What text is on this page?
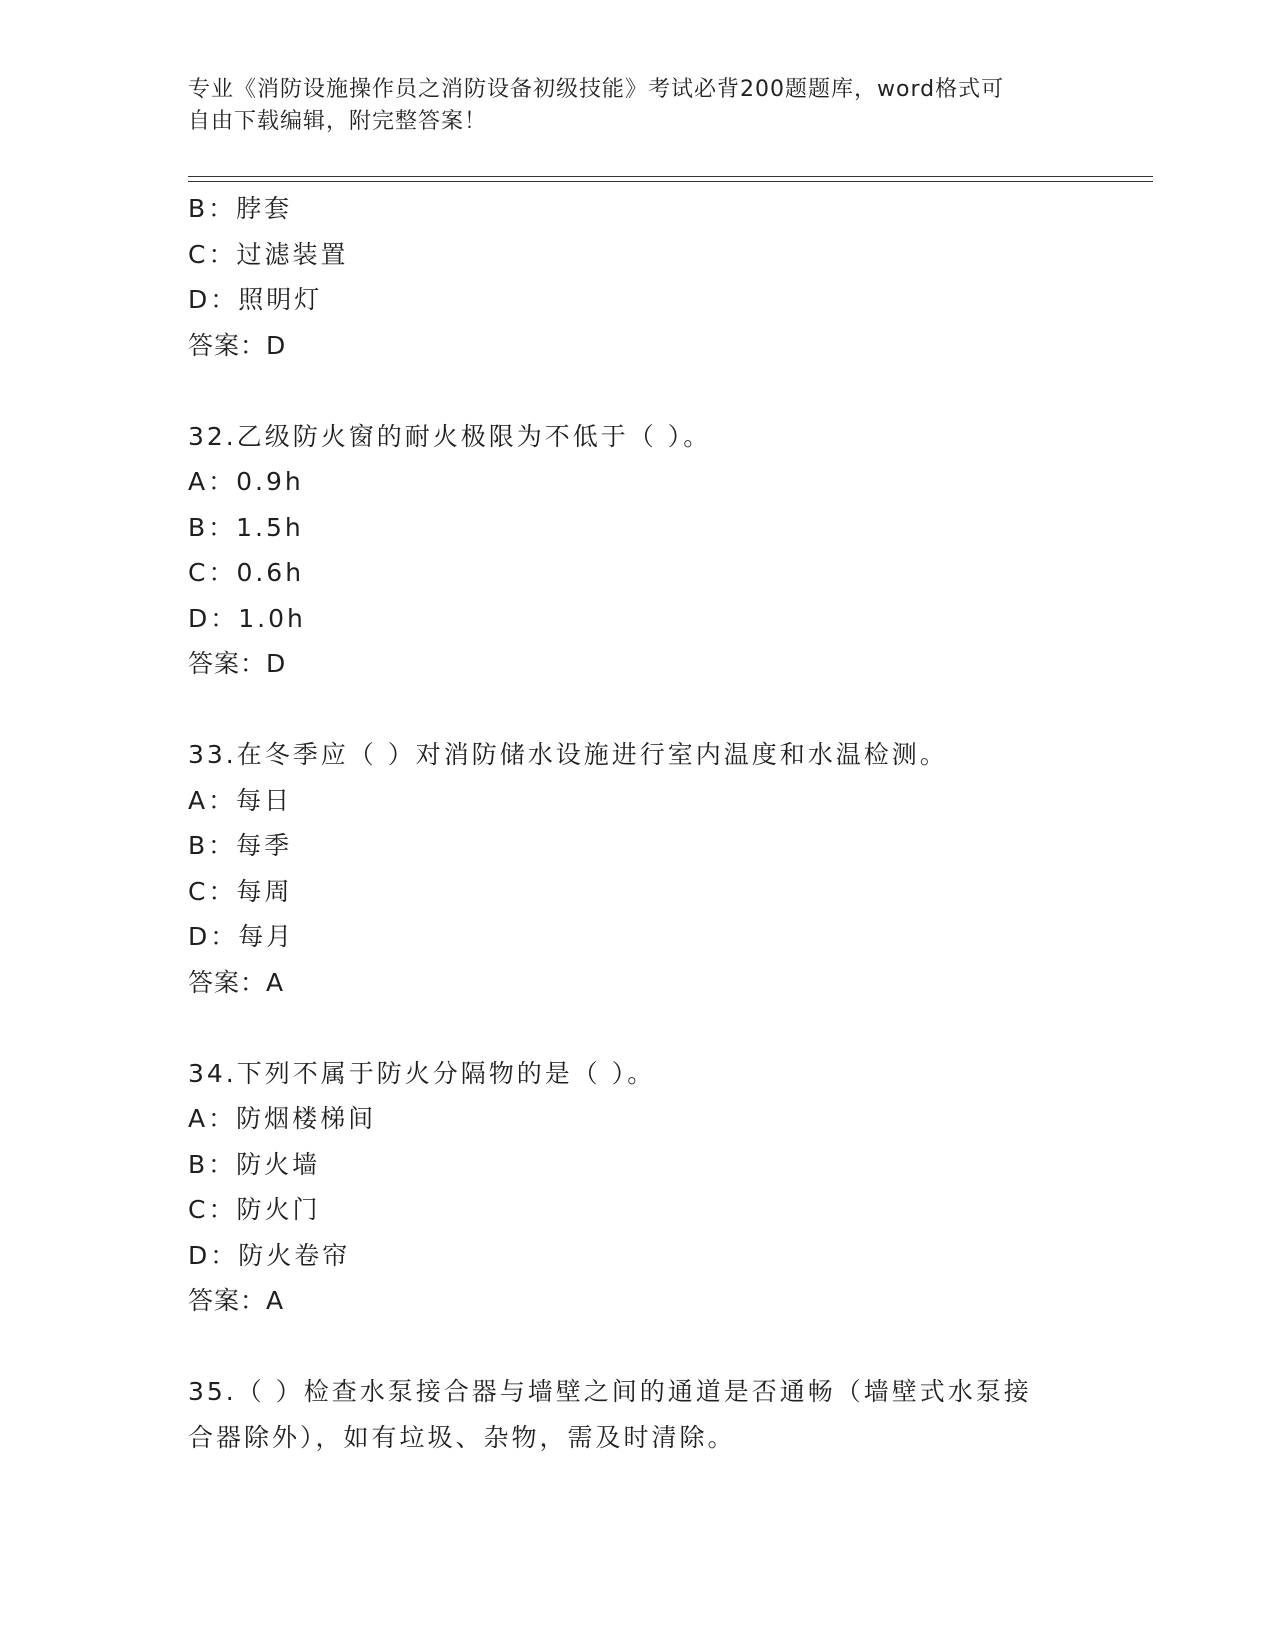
专业《消防设施操作员之消防设备初级技能》考试必背200题题库，word格式可
自由下载编辑，附完整答案！
B：脖套
C：过滤装置
D：照明灯
答案：D
32.乙级防火窗的耐火极限为不低于（ ）。
A：0.9h
B：1.5h
C：0.6h
D：1.0h
答案：D
33.在冬季应（ ）对消防储水设施进行室内温度和水温检测。
A：每日
B：每季
C：每周
D：每月
答案：A
34.下列不属于防火分隔物的是（ ）。
A：防烟楼梯间
B：防火墙
C：防火门
D：防火卷帘
答案：A
35.（ ）检查水泵接合器与墙壁之间的通道是否通畅（墙壁式水泵接
合器除外），如有垃圾、杂物，需及时清除。
